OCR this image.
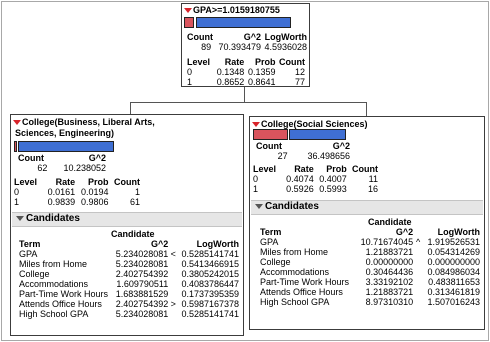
GPA>=1.0159180755
Count	G^2	LogWorth
89	70.393479	4.5936028
Level	Rate	Prob	Count
0	0.1348	0.1359	12
1	0.8652	0.8641	77
College(Business, Liberal Arts,
Sciences, Engineering)
Count	G^2
62	10.238052
Level	Rate	Prob	Count
0	0.0161	0.0194	1
1	0.9839	0.9806	61
Candidates
Candidate
Term	G^2		LogWorth
GPA	5.234028081	<	0.5285141741
Miles from Home	5.234028081		0.5413466915
College	2.402754392		0.3805242015
Accommodations	1.609790511		0.4083786447
Part-Time Work Hours	1.683881529		0.1737395359
Attends Office Hours	2.402754392	>	0.5987167378
High School GPA	5.234028081		0.5285141741
College(Social Sciences)
Count	G^2
27	36.498656
Level	Rate	Prob	Count
0	0.4074	0.4007	11
1	0.5926	0.5993	16
Candidates
Candidate
Term	G^2		LogWorth
GPA	10.71674045	^	1.919526531
Miles from Home	1.21883721		0.054314269
College	0.00000000		0.000000000
Accommodations	0.30464436		0.084986034
Part-Time Work Hours	3.33192102		0.483811653
Attends Office Hours	1.21883721		0.313461819
High School GPA	8.97310310		1.507016243
